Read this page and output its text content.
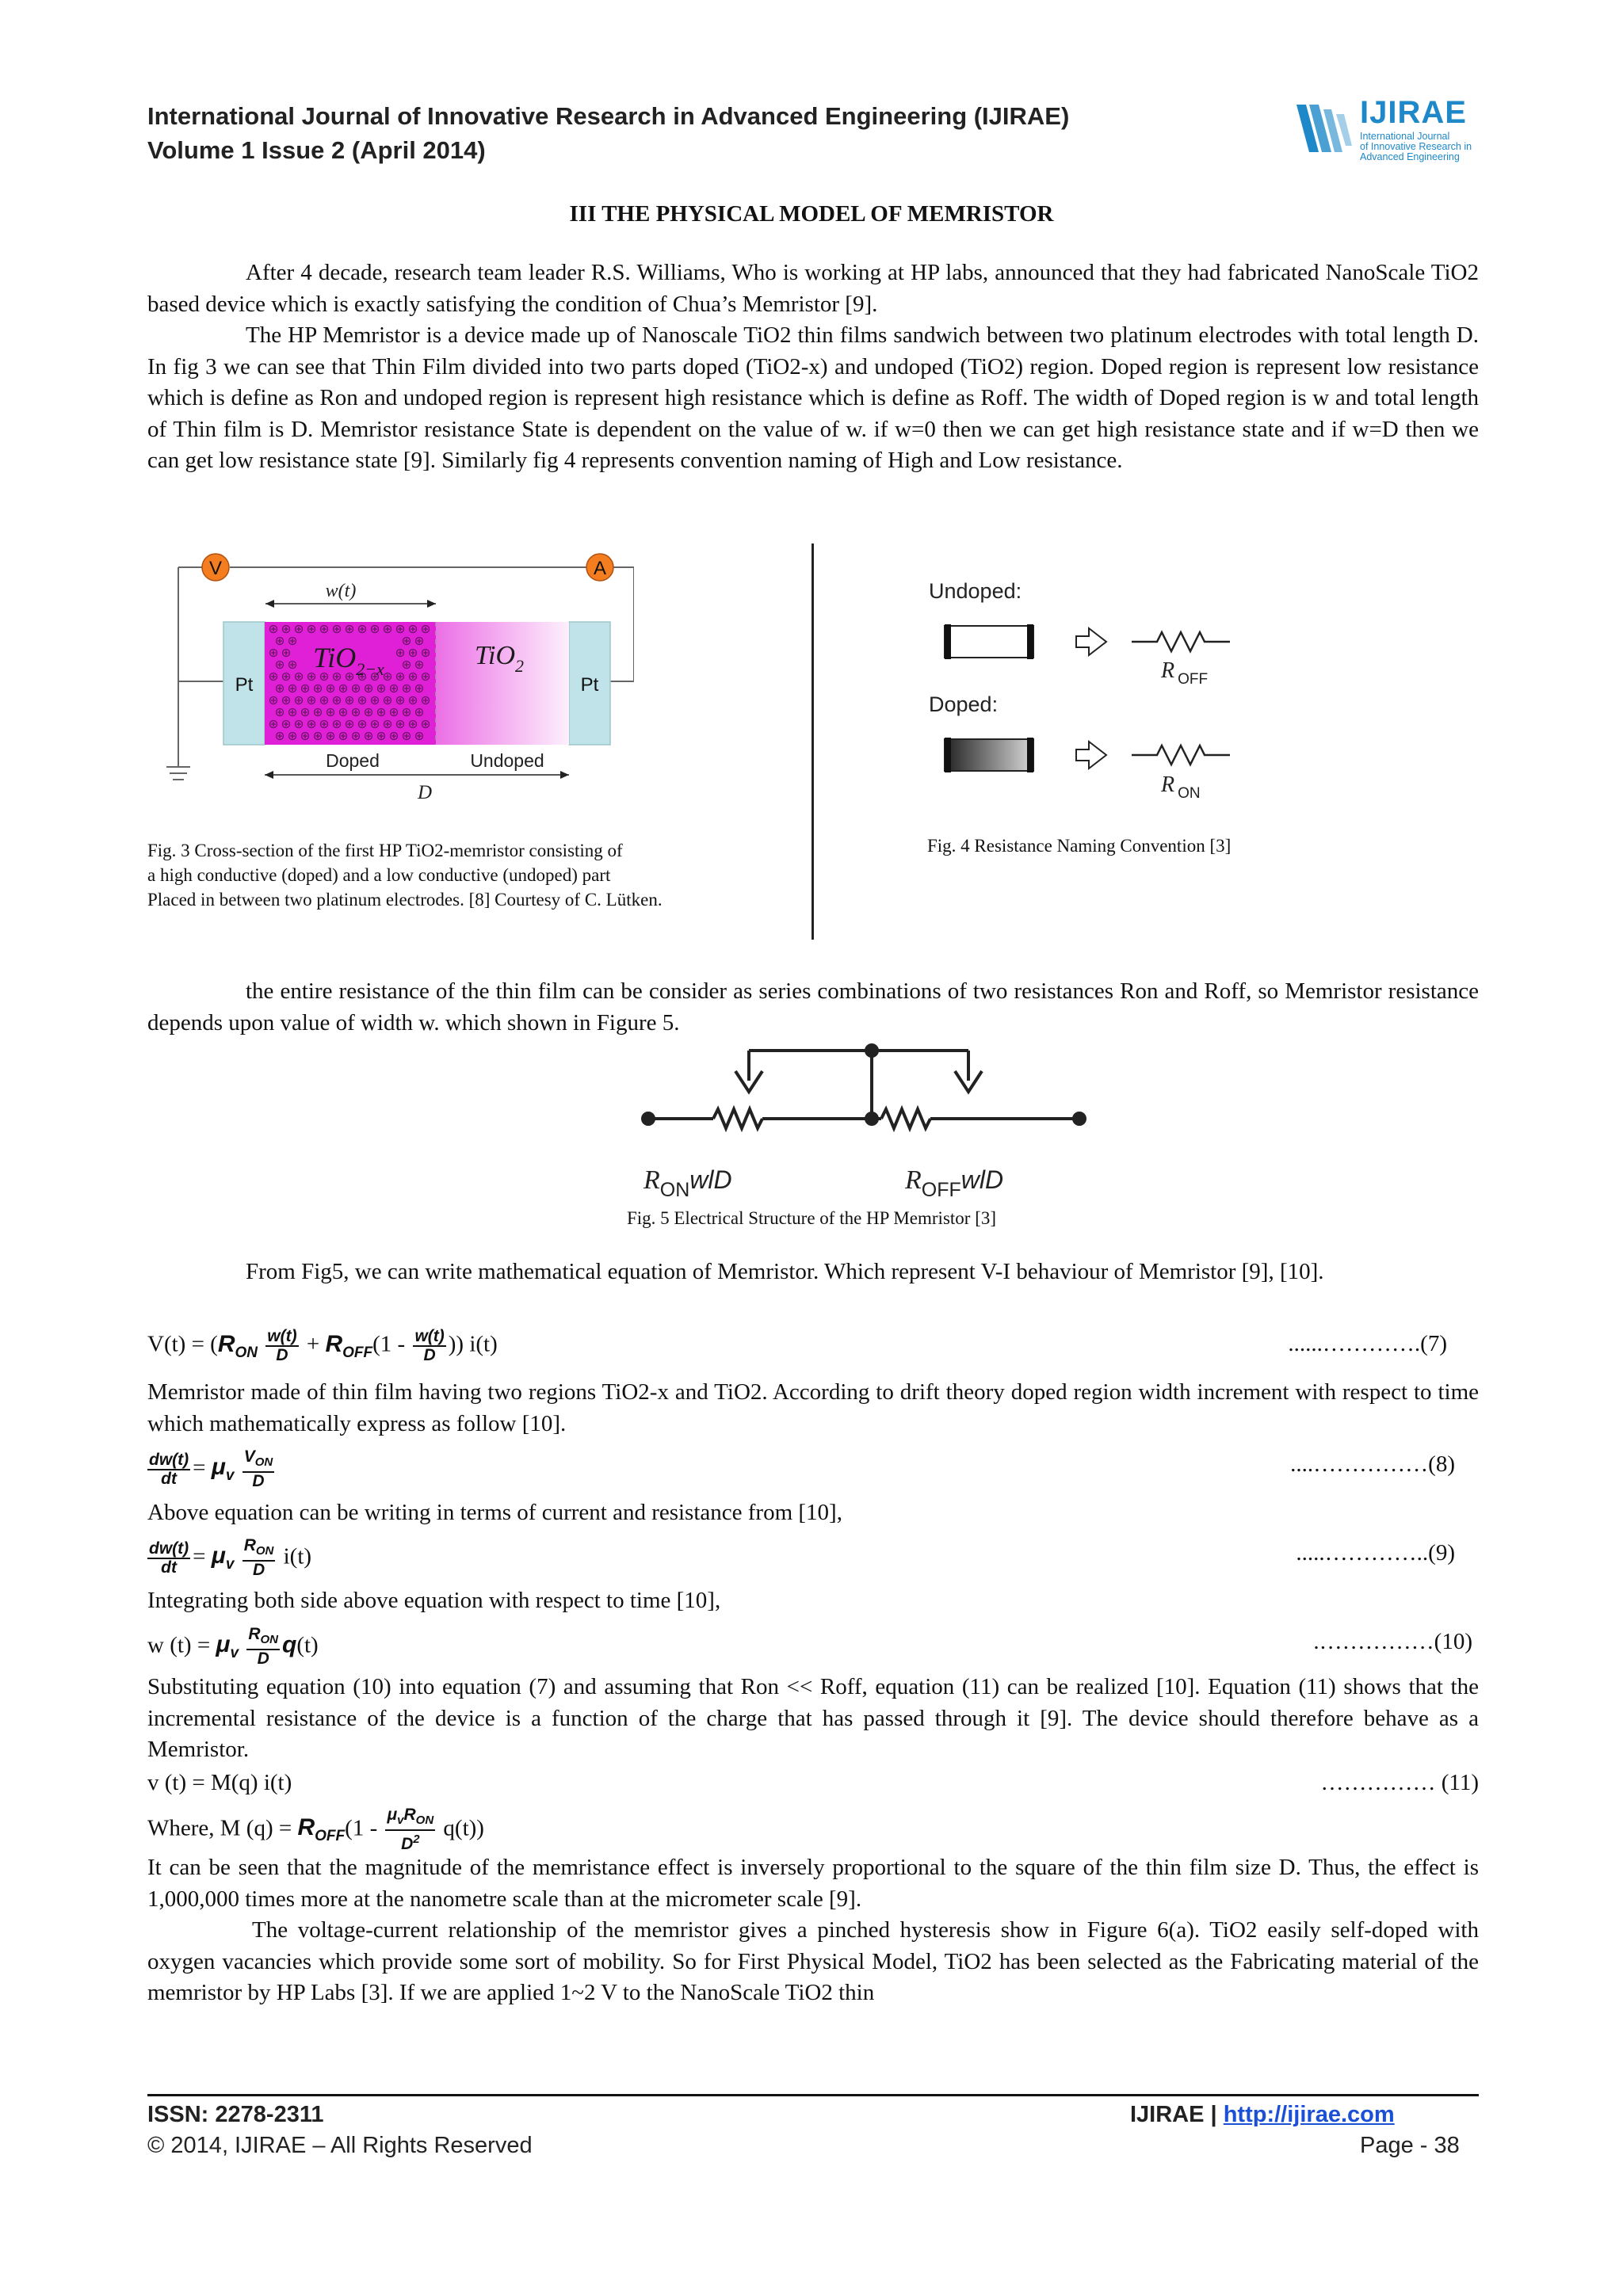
International Journal of Innovative Research in Advanced Engineering (IJIRAE)
Volume 1 Issue 2 (April 2014)
IJIRAE
International Journal
of Innovative Research in
Advanced Engineering
III THE PHYSICAL MODEL OF MEMRISTOR
After 4 decade, research team leader R.S. Williams, Who is working at HP labs, announced that they had fabricated NanoScale TiO2 based device which is exactly satisfying the condition of Chua’s Memristor [9].
The HP Memristor is a device made up of Nanoscale TiO2 thin films sandwich between two platinum electrodes with total length D. In fig 3 we can see that Thin Film divided into two parts doped (TiO2-x) and undoped (TiO2) region. Doped region is represent low resistance which is define as Ron and undoped region is represent high resistance which is define as Roff. The width of Doped region is w and total length of Thin film is D. Memristor resistance State is dependent on the value of w. if w=0 then we can get high resistance state and if w=D then we can get low resistance state [9]. Similarly fig 4 represents convention naming of High and Low resistance.
V	A
w(t)
Pt	Pt
TiO$_{2-x}$	TiO$_2$
Doped	Undoped
D
Fig. 3 Cross-section of the first HP TiO2-memristor consisting of
a high conductive (doped) and a low conductive (undoped) part
Placed in between two platinum electrodes. [8] Courtesy of C. Lütken.
Undoped:
R $_{OFF}$
Doped:
R $_{ON}$
Fig. 4 Resistance Naming Convention [3]
the entire resistance of the thin film can be consider as series combinations of two resistances Ron and Roff, so Memristor resistance depends upon value of width w. which shown in Figure 5.
$R_{ON}wlD$	$R_{OFF}wlD$
Fig. 5 Electrical Structure of the HP Memristor [3]
From Fig5, we can write mathematical equation of Memristor. Which represent V-I behaviour of Memristor [9], [10].
$V(t) = (R_{ON} \frac{w(t)}{D} + R_{OFF}(1 - \frac{w(t)}{D}$ )) i(t)	......………….(7)
Memristor made of thin film having two regions TiO2-x and TiO2. According to drift theory doped region width increment with respect to time which mathematically express as follow [10].
$\frac{dw(t)}{dt} = \mu_v \frac{V_{ON}}{D}$	....……………(8)
Above equation can be writing in terms of current and resistance from [10],
$\frac{dw(t)}{dt} = \mu_v \frac{R_{ON}}{D} i(t)$	.....…………..(9)
Integrating both side above equation with respect to time [10],
w $(t) = \mu_v \frac{R_{ON}}{D} q(t)$	.……………(10)
Substituting equation (10) into equation (7) and assuming that Ron << Roff, equation (11) can be realized [10]. Equation (11) shows that the incremental resistance of the device is a function of the charge that has passed through it [9]. The device should therefore behave as a Memristor.
v (t) = M(q) i(t)	…………… (11)
Where, M $(q) = R_{OFF}(1 - \frac{\mu_vR_{ON}}{D^2} q(t))$
It can be seen that the magnitude of the memristance effect is inversely proportional to the square of the thin film size D. Thus, the effect is 1,000,000 times more at the nanometre scale than at the micrometer scale [9].
The voltage-current relationship of the memristor gives a pinched hysteresis show in Figure 6(a). TiO2 easily self-doped with oxygen vacancies which provide some sort of mobility. So for First Physical Model, TiO2 has been selected as the Fabricating material of the memristor by HP Labs [3]. If we are applied 1~2 V to the NanoScale TiO2 thin
ISSN: 2278-2311
© 2014, IJIRAE – All Rights Reserved
IJIRAE | http://ijirae.com
Page - 38
